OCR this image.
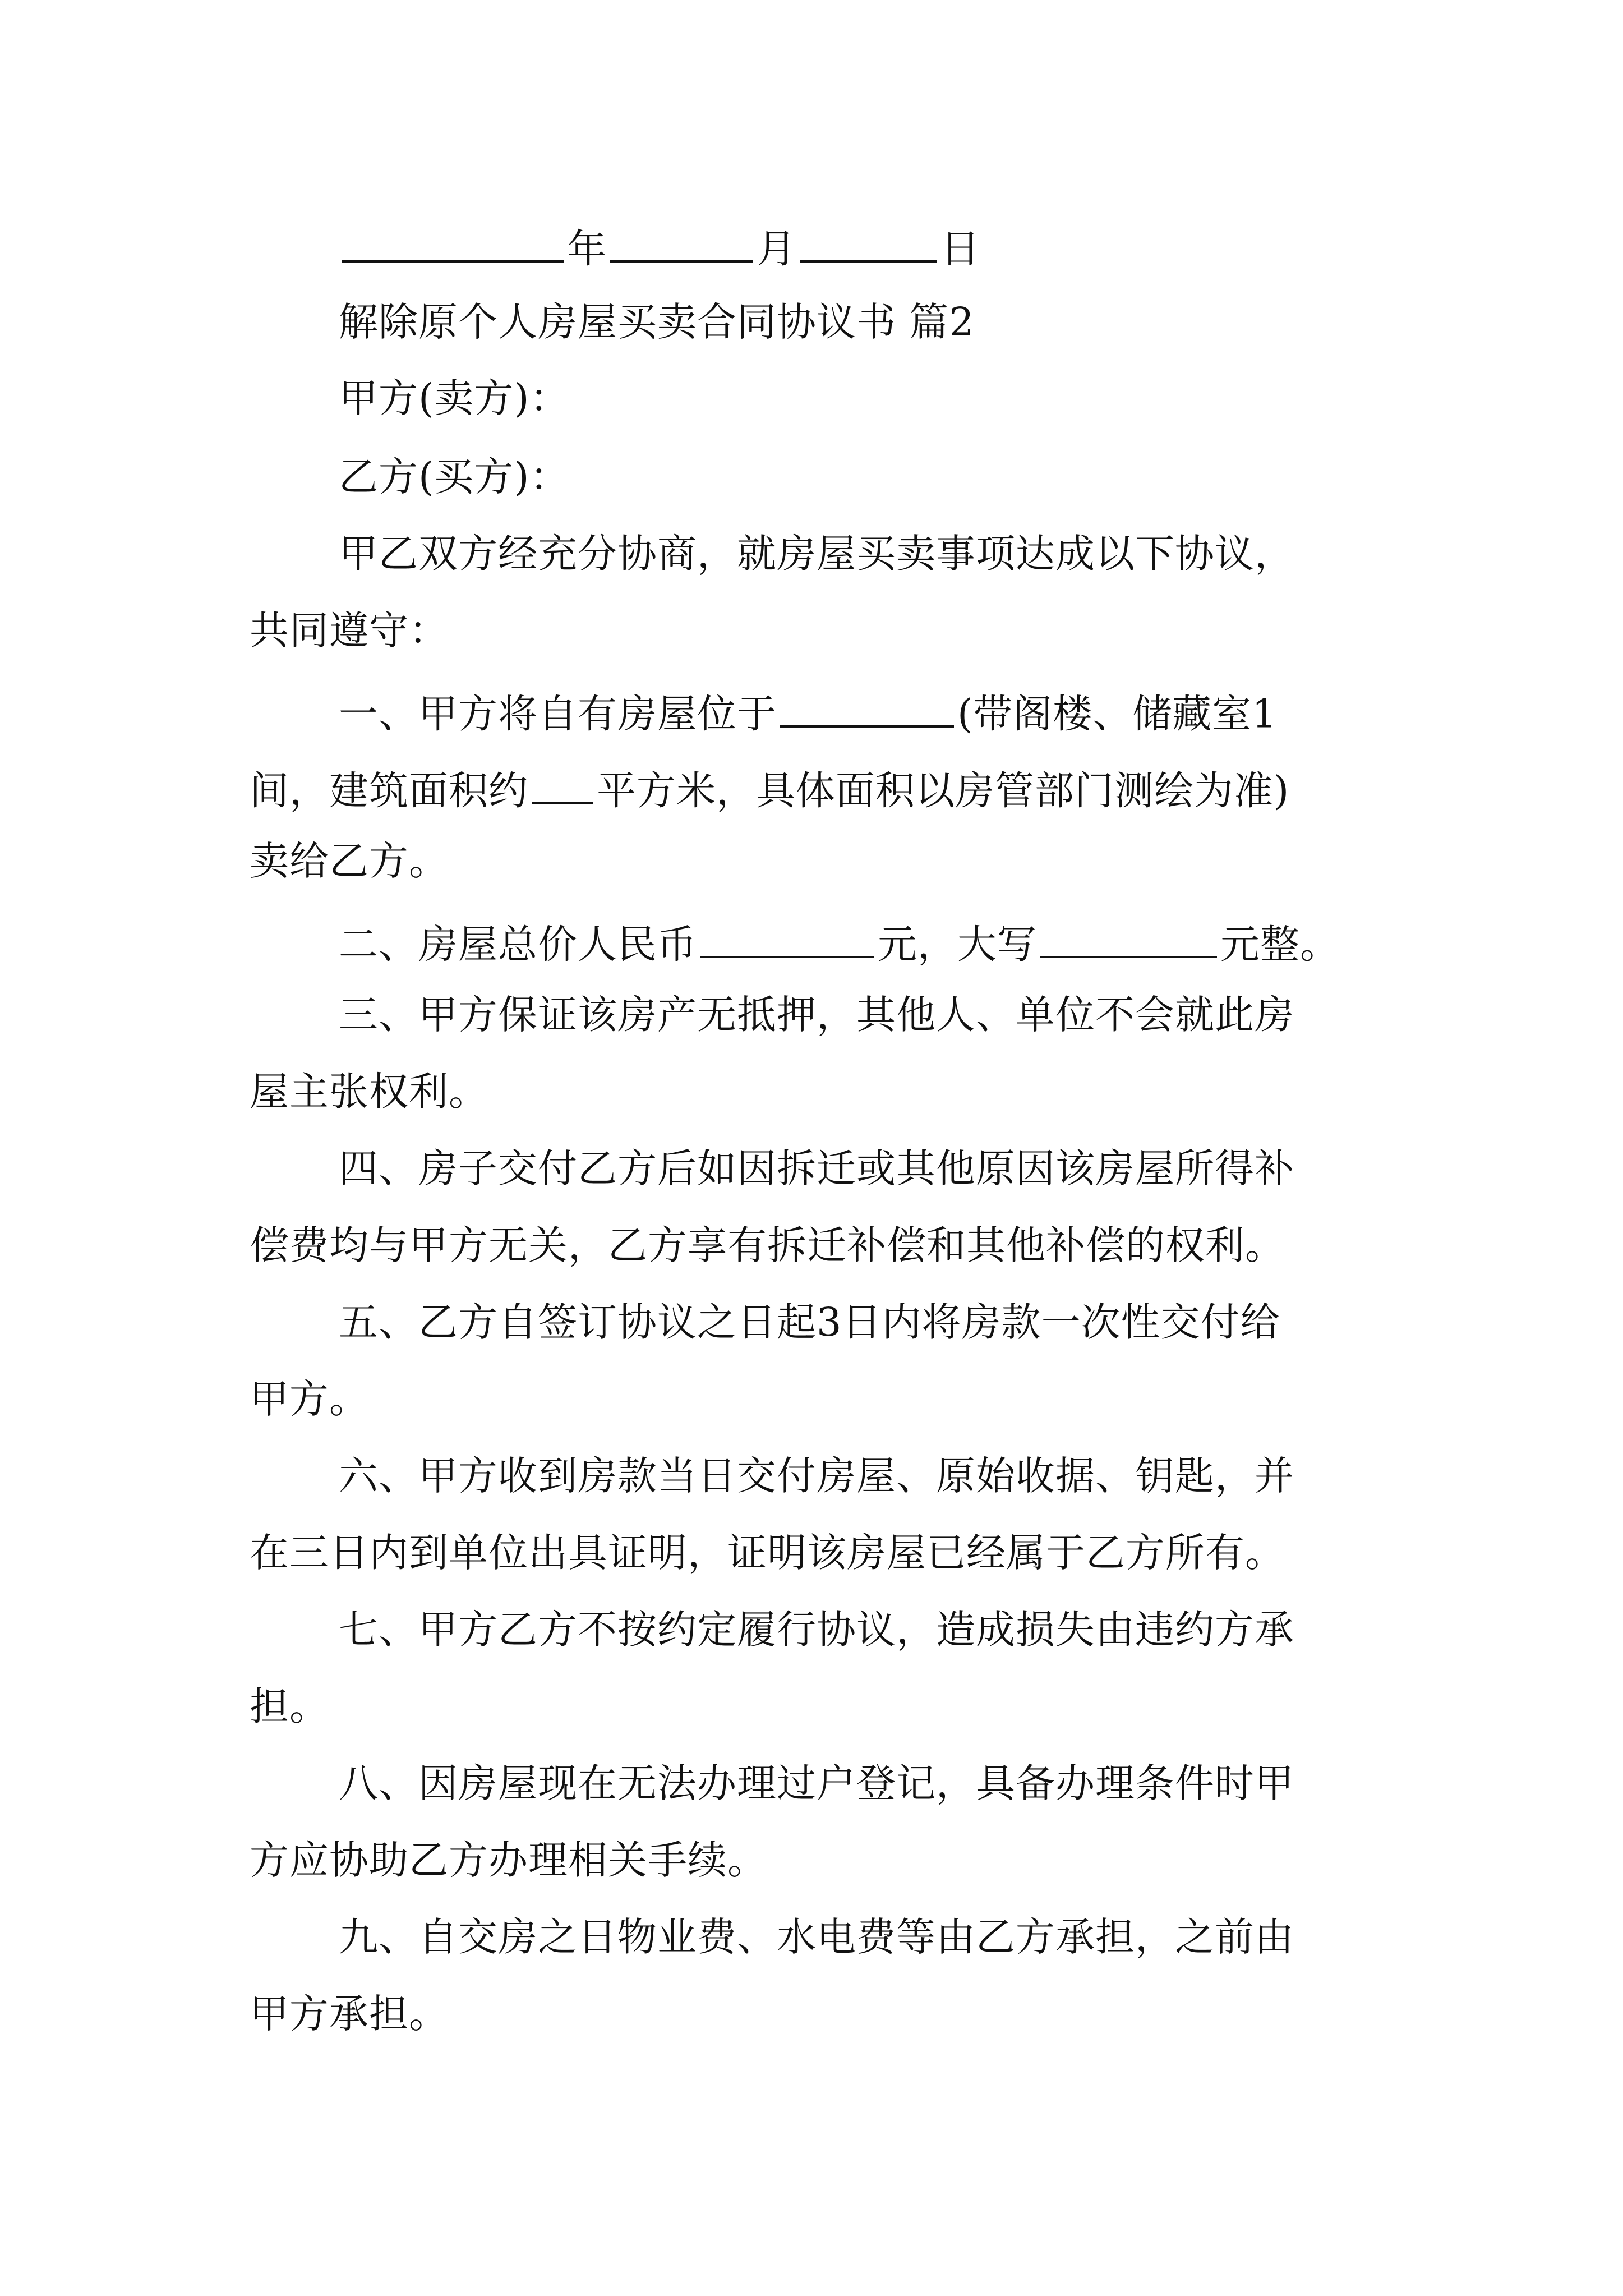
年	月	日
解除原个人房屋买卖合同协议书 篇2
甲方(卖方)：
乙方(买方)：
甲乙双方经充分协商，就房屋买卖事项达成以下协议，
共同遵守：
一、甲方将自有房屋位于	(带阁楼、储藏室1
间，建筑面积约 平方米，具体面积以房管部门测绘为准)
卖给乙方。
二、房屋总价人民币	元，大写	元整。
三、甲方保证该房产无抵押，其他人、单位不会就此房
屋主张权利。
四、房子交付乙方后如因拆迁或其他原因该房屋所得补
偿费均与甲方无关，乙方享有拆迁补偿和其他补偿的权利。
五、乙方自签订协议之日起3日内将房款一次性交付给
甲方。
六、甲方收到房款当日交付房屋、原始收据、钥匙，并
在三日内到单位出具证明，证明该房屋已经属于乙方所有。
七、甲方乙方不按约定履行协议，造成损失由违约方承
担。
八、因房屋现在无法办理过户登记，具备办理条件时甲
方应协助乙方办理相关手续。
九、自交房之日物业费、水电费等由乙方承担，之前由
甲方承担。
